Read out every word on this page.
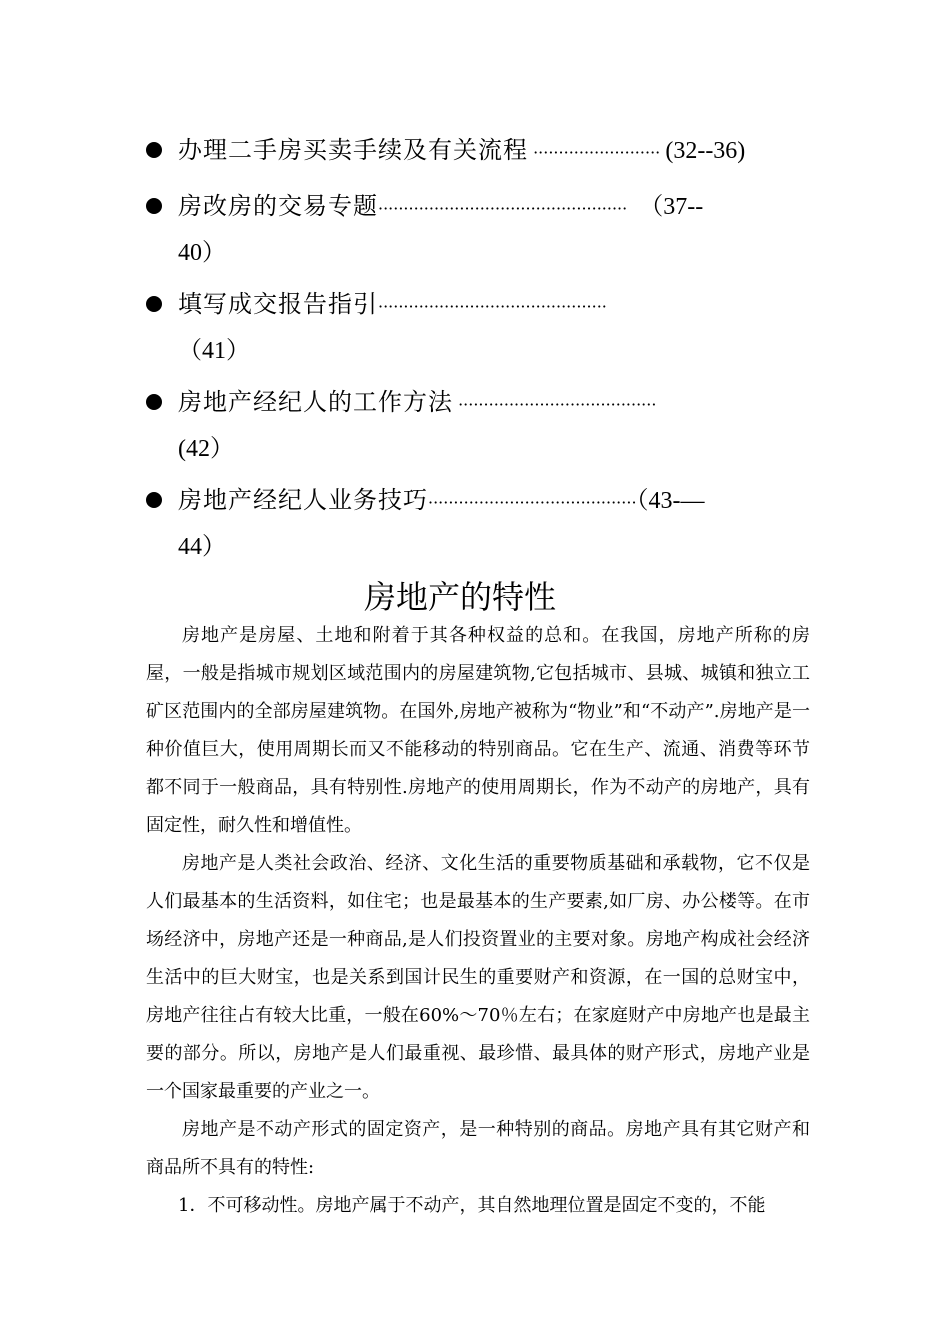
办理二手房买卖手续及有关流程 ························· (32--36)
房改房的交易专题·················································　（37--
40）
填写成交报告指引·············································
（41）
房地产经纪人的工作方法 ·······································
(42）
房地产经纪人业务技巧·········································（43-—
44）
房地产的特性

房地产是房屋、土地和附着于其各种权益的总和。在我国，房地产所称的房屋，一般是指城市规划区域范围内的房屋建筑物,它包括城市、县城、城镇和独立工矿区范围内的全部房屋建筑物。在国外,房地产被称为“物业”和“不动产”.房地产是一种价值巨大，使用周期长而又不能移动的特别商品。它在生产、流通、消费等环节都不同于一般商品，具有特别性.房地产的使用周期长，作为不动产的房地产，具有固定性，耐久性和增值性。

房地产是人类社会政治、经济、文化生活的重要物质基础和承载物，它不仅是人们最基本的生活资料，如住宅；也是最基本的生产要素,如厂房、办公楼等。在市场经济中，房地产还是一种商品,是人们投资置业的主要对象。房地产构成社会经济生活中的巨大财宝，也是关系到国计民生的重要财产和资源，在一国的总财宝中，房地产往往占有较大比重，一般在60%～70％左右；在家庭财产中房地产也是最主要的部分。所以，房地产是人们最重视、最珍惜、最具体的财产形式，房地产业是一个国家最重要的产业之一。

房地产是不动产形式的固定资产，是一种特别的商品。房地产具有其它财产和商品所不具有的特性:

1．不可移动性。房地产属于不动产，其自然地理位置是固定不变的，不能
